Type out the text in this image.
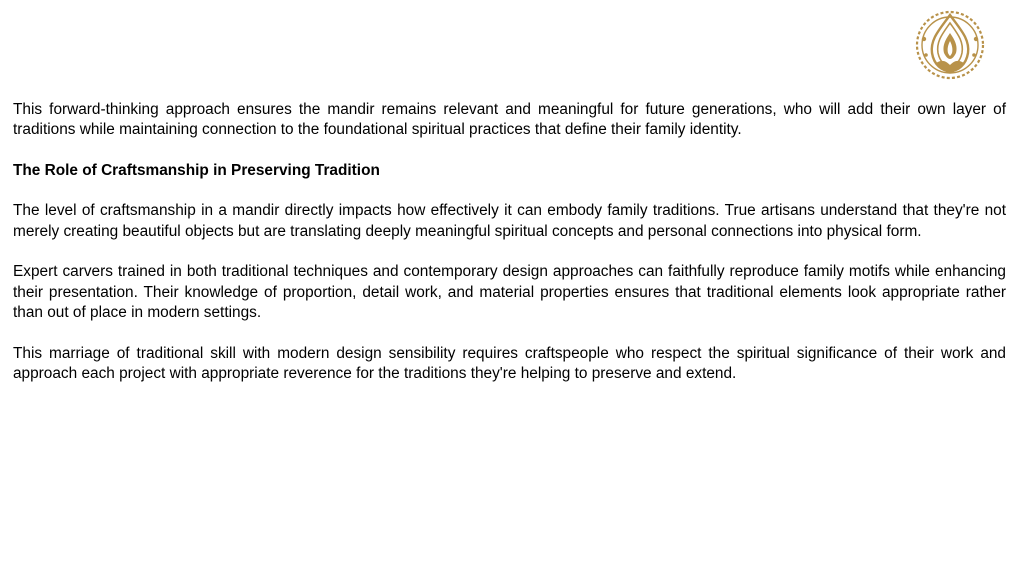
This forward-thinking approach ensures the mandir remains relevant and meaningful for future generations, who will add their own layer of traditions while maintaining connection to the foundational spiritual practices that define their family identity.

The Role of Craftsmanship in Preserving Tradition

The level of craftsmanship in a mandir directly impacts how effectively it can embody family traditions. True artisans understand that they're not merely creating beautiful objects but are translating deeply meaningful spiritual concepts and personal connections into physical form.

Expert carvers trained in both traditional techniques and contemporary design approaches can faithfully reproduce family motifs while enhancing their presentation. Their knowledge of proportion, detail work, and material properties ensures that traditional elements look appropriate rather than out of place in modern settings.

This marriage of traditional skill with modern design sensibility requires craftspeople who respect the spiritual significance of their work and approach each project with appropriate reverence for the traditions they're helping to preserve and extend.
